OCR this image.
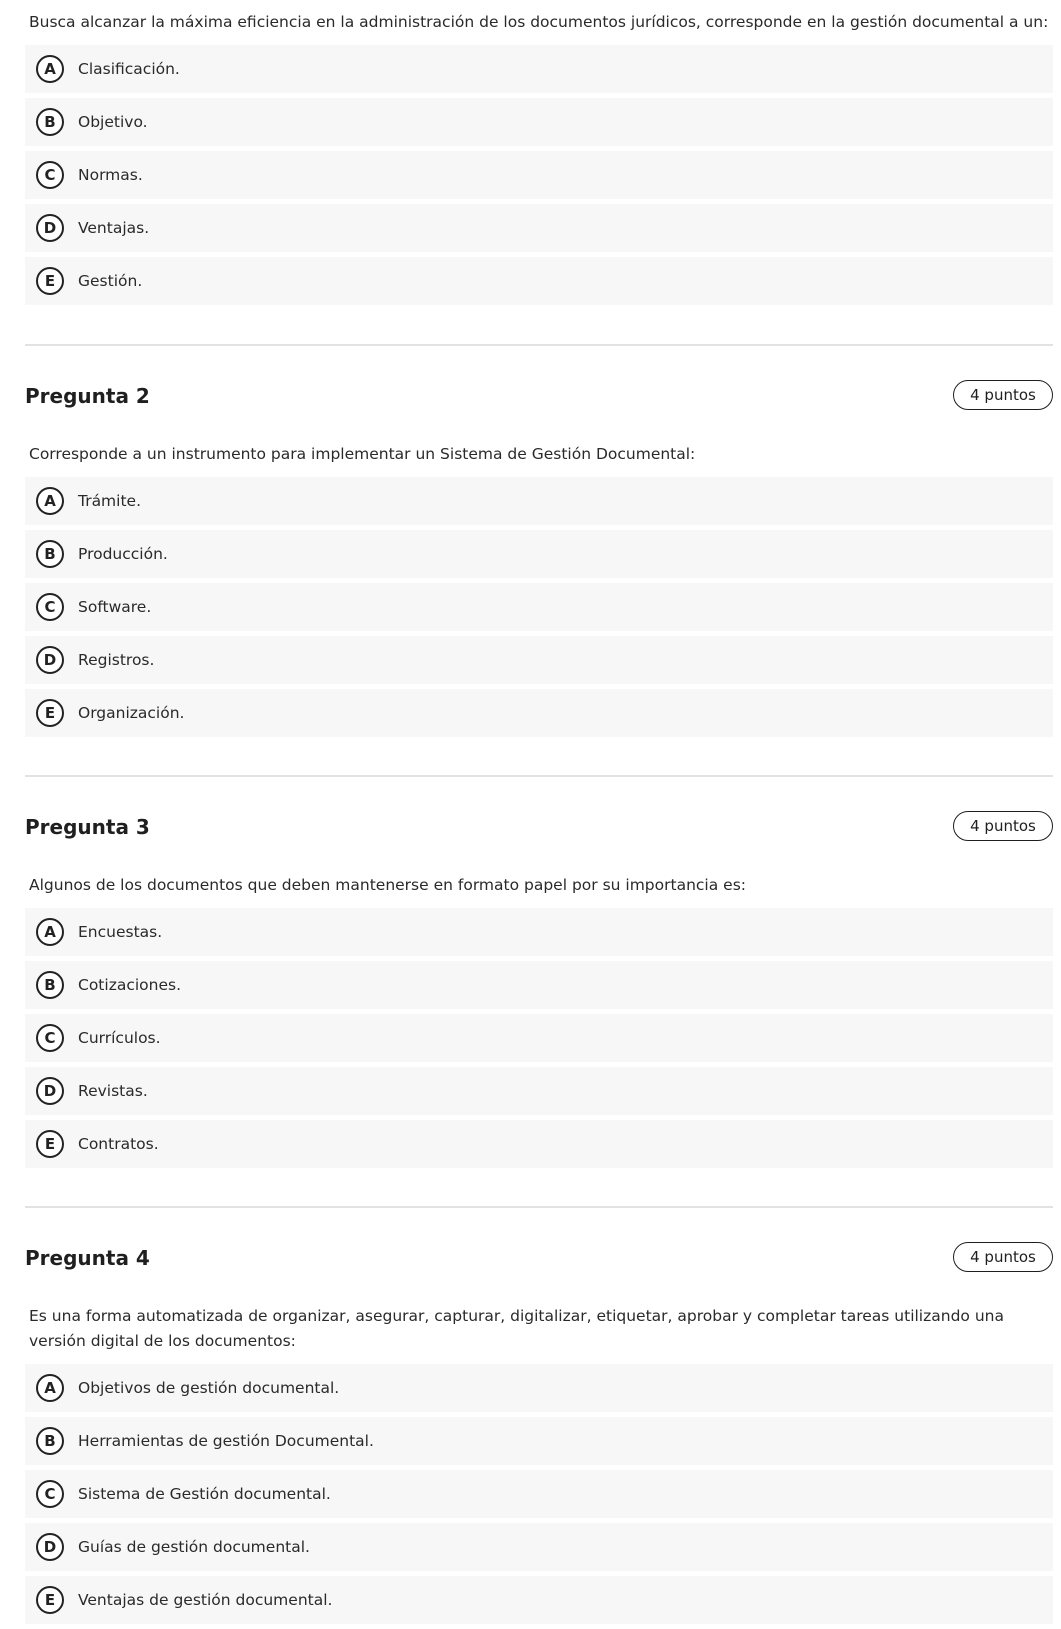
Busca alcanzar la máxima eficiencia en la administración de los documentos jurídicos, corresponde en la gestión documental a un:
A	Clasificación.
B	Objetivo.
C	Normas.
D	Ventajas.
E	Gestión.
Pregunta 2	4 puntos
Corresponde a un instrumento para implementar un Sistema de Gestión Documental:
A	Trámite.
B	Producción.
C	Software.
D	Registros.
E	Organización.
Pregunta 3	4 puntos
Algunos de los documentos que deben mantenerse en formato papel por su importancia es:
A	Encuestas.
B	Cotizaciones.
C	Currículos.
D	Revistas.
E	Contratos.
Pregunta 4	4 puntos
Es una forma automatizada de organizar, asegurar, capturar, digitalizar, etiquetar, aprobar y completar tareas utilizando una versión digital de los documentos:
A	Objetivos de gestión documental.
B	Herramientas de gestión Documental.
C	Sistema de Gestión documental.
D	Guías de gestión documental.
E	Ventajas de gestión documental.
